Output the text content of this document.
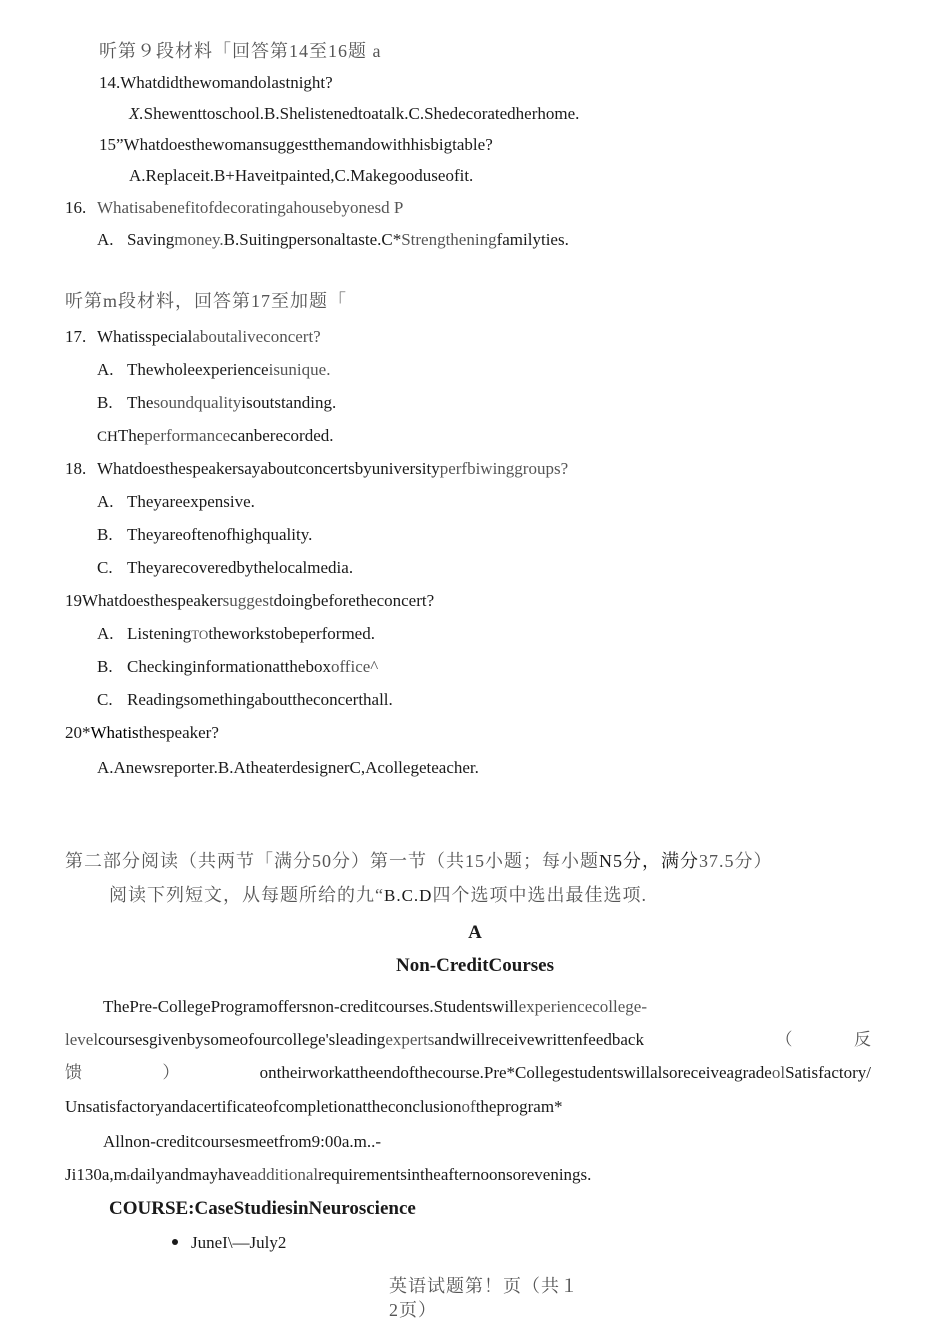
听第９段材料「回答第14至16题 a
14.Whatdidthewomandolastnight?
X.Shewenttoschool.B.Shelistenedtoatalk.C.Shedecoratedherhome.
15”Whatdoesthewomansuggestthemandowithhisbigtable?
A.Replaceit.B+Haveitpainted,C.Makegooduseofit.
16. Whatisabenefitofdecoratingahousebyonesd P
A. Savingmoney.B.Suitingpersonaltaste.C*Strengtheningfamilyties.
听第m段材料，回答第17至加题「
17. Whatisspecialaboutaliveconcert?
A. Thewholeexperienceisunique.
B. Thesoundqualityisoutstanding.
CHTheperformancecanberecorded.
18. Whatdoesthespeakersayaboutconcertsbyuniversityperfbiwinggroups?
A. Theyareexpensive.
B. Theyareoftenofhighquality.
C. Theyarecoveredbythelocalmedia.
19Whatdoesthespeakersuggestdoingbeforetheconcert?
A. ListeningTOtheworkstobeperformed.
B. Checkinginformationattheboxoffice^
C. Readingsomethingabouttheconcerthall.
20*Whatisthespeaker?
A.Anewsreporter.B.AtheaterdesignerC,Acollegeteacher.
第二部分阅读（共两节「满分50分）第一节（共15小题；每小题N5分，满分37.5分）
阅读下列短文，从每题所给的九“B.C.D四个选项中选出最佳选项.
A
Non-CreditCourses
ThePre-CollegeProgramoffersnon-creditcourses.Studentswillexperiencecollege-
levelcoursesgivenbysomeofourcollege'sleadingexpertsandwillreceivewrittenfeedback	（	反
馈	）	ontheirworkattheendofthecourse.Pre*CollegestudentswillalsoreceiveagradeolSatisfactory/
Unsatisfactoryandacertificateofcompletionattheconclusionoftheprogram*
Allnon-creditcoursesmeetfrom9:00a.m..-
Ji130a,mrdailyandmayhaveadditionalrequirementsintheafternoonsorevenings.
COURSE:CaseStudiesinNeuroscience
JuneI\—July2
英语试题第！页（共１
2页）
